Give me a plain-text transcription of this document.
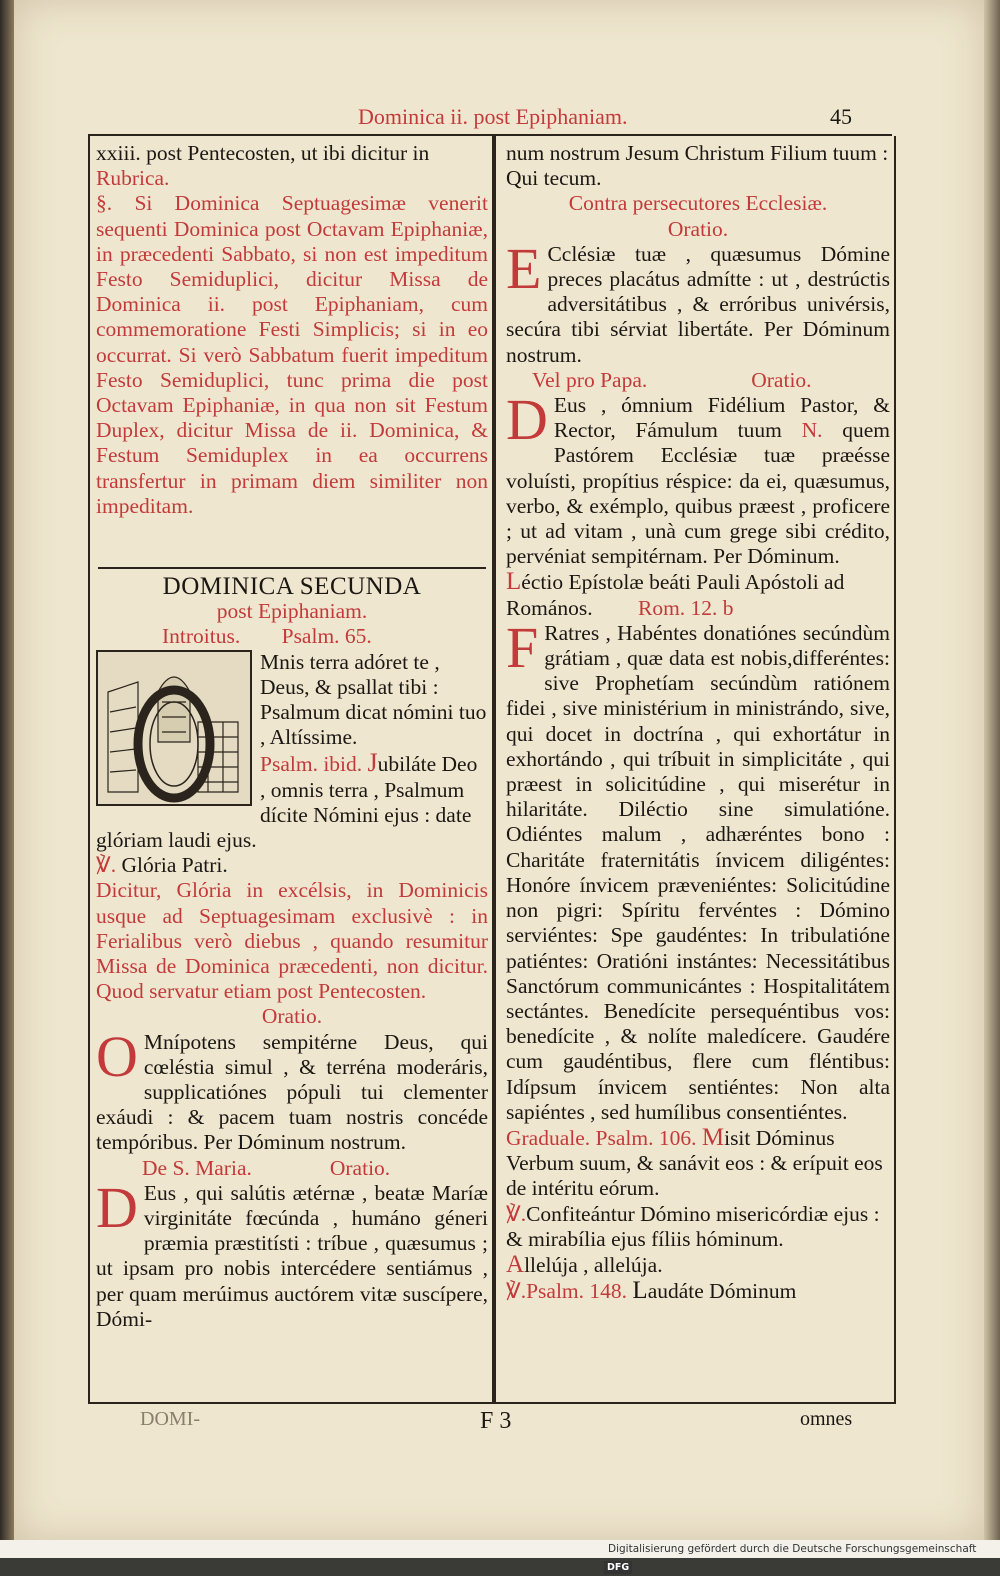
Dominica ii. post Epiphaniam.	45

xxiii. post Pentecosten, ut ibi dicitur in

Rubrica.

§. Si Dominica Septuagesimæ venerit sequenti Dominica post Octavam Epiphaniæ, in præcedenti Sabbato, si non est impeditum Festo Semiduplici, dicitur Missa de Dominica ii. post Epiphaniam, cum commemoratione Festi Simplicis; si in eo occurrat. Si verò Sabbatum fuerit impeditum Festo Semiduplici, tunc prima die post Octavam Epiphaniæ, in qua non sit Festum Duplex, dicitur Missa de ii. Dominica, & Festum Semiduplex in ea occurrens transfertur in primam diem similiter non impeditam.

DOMINICA SECUNDA

post Epiphaniam.

Introitus. Psalm. 65.

Mnis terra adóret te , Deus, & psallat tibi : Psalmum dicat nómini tuo , Altíssime.

Psalm. ibid. Jubiláte Deo , omnis terra , Psalmum dícite Nómini ejus : date glóriam laudi ejus.

℣. Glória Patri.

Dicitur, Glória in excélsis, in Dominicis usque ad Septuagesimam exclusivè : in Ferialibus verò diebus , quando resumitur Missa de Dominica præcedenti, non dicitur. Quod servatur etiam post Pentecosten.

Oratio.

O Mnípotens sempitérne Deus, qui cœléstia simul , & terréna moderáris, supplicatiónes pópuli tui clementer exáudi : & pacem tuam nostris concéde tempóribus. Per Dóminum nostrum.

De S. Maria.	Oratio.

D Eus , qui salútis ætérnæ , beatæ Maríæ virginitáte fœcúnda , humáno géneri præmia præstitísti : tríbue , quæsumus ; ut ipsam pro nobis intercédere sentiámus , per quam merúimus auctórem vitæ suscípere, Dómi-

num nostrum Jesum Christum Filium tuum : Qui tecum.

Contra persecutores Ecclesiæ.

Oratio.

E Cclésiæ tuæ , quæsumus Dómine preces placátus admítte : ut , destrúctis adversitátibus , & erróribus univérsis, secúra tibi sérviat libertáte. Per Dóminum nostrum.

Vel pro Papa.	Oratio.

D Eus , ómnium Fidélium Pastor, & Rector, Fámulum tuum N. quem Pastórem Ecclésiæ tuæ præésse voluísti, propítius réspice: da ei, quæsumus, verbo, & exémplo, quibus præest , proficere ; ut ad vitam , unà cum grege sibi crédito, pervéniat sempitérnam. Per Dóminum.

Léctio Epístolæ beáti Pauli Apóstoli ad Romános. Rom. 12. b

F Ratres , Habéntes donatiónes secúndùm grátiam , quæ data est nobis,differéntes: sive Prophetíam secúndùm ratiónem fidei , sive ministérium in ministrándo, sive, qui docet in doctrína , qui exhortátur in exhortándo , qui tríbuit in simplicitáte , qui præest in solicitúdine , qui miserétur in hilaritáte. Diléctio sine simulatióne. Odiéntes malum , adhæréntes bono : Charitáte fraternitátis ínvicem diligéntes: Honóre ínvicem præveniéntes: Solicitúdine non pigri: Spíritu fervéntes : Dómino serviéntes: Spe gaudéntes: In tribulatióne patiéntes: Oratióni instántes: Necessitátibus Sanctórum communicántes : Hospitalitátem sectántes. Benedícite persequéntibus vos: benedícite , & nolíte maledícere. Gaudére cum gaudéntibus, flere cum fléntibus: Idípsum ínvicem sentiéntes: Non alta sapiéntes , sed humílibus consentiéntes.

Graduale. Psalm. 106. Misit Dóminus Verbum suum, & sanávit eos : & erípuit eos de intéritu eórum.

℣.Confiteántur Dómino misericórdiæ ejus : & mirabília ejus fíliis hóminum.

Allelúja , allelúja.

℣.Psalm. 148. Laudáte Dóminum

DOMI-	F 3	omnes
Digitalisierung gefördert durch die Deutsche Forschungsgemeinschaft DFG
